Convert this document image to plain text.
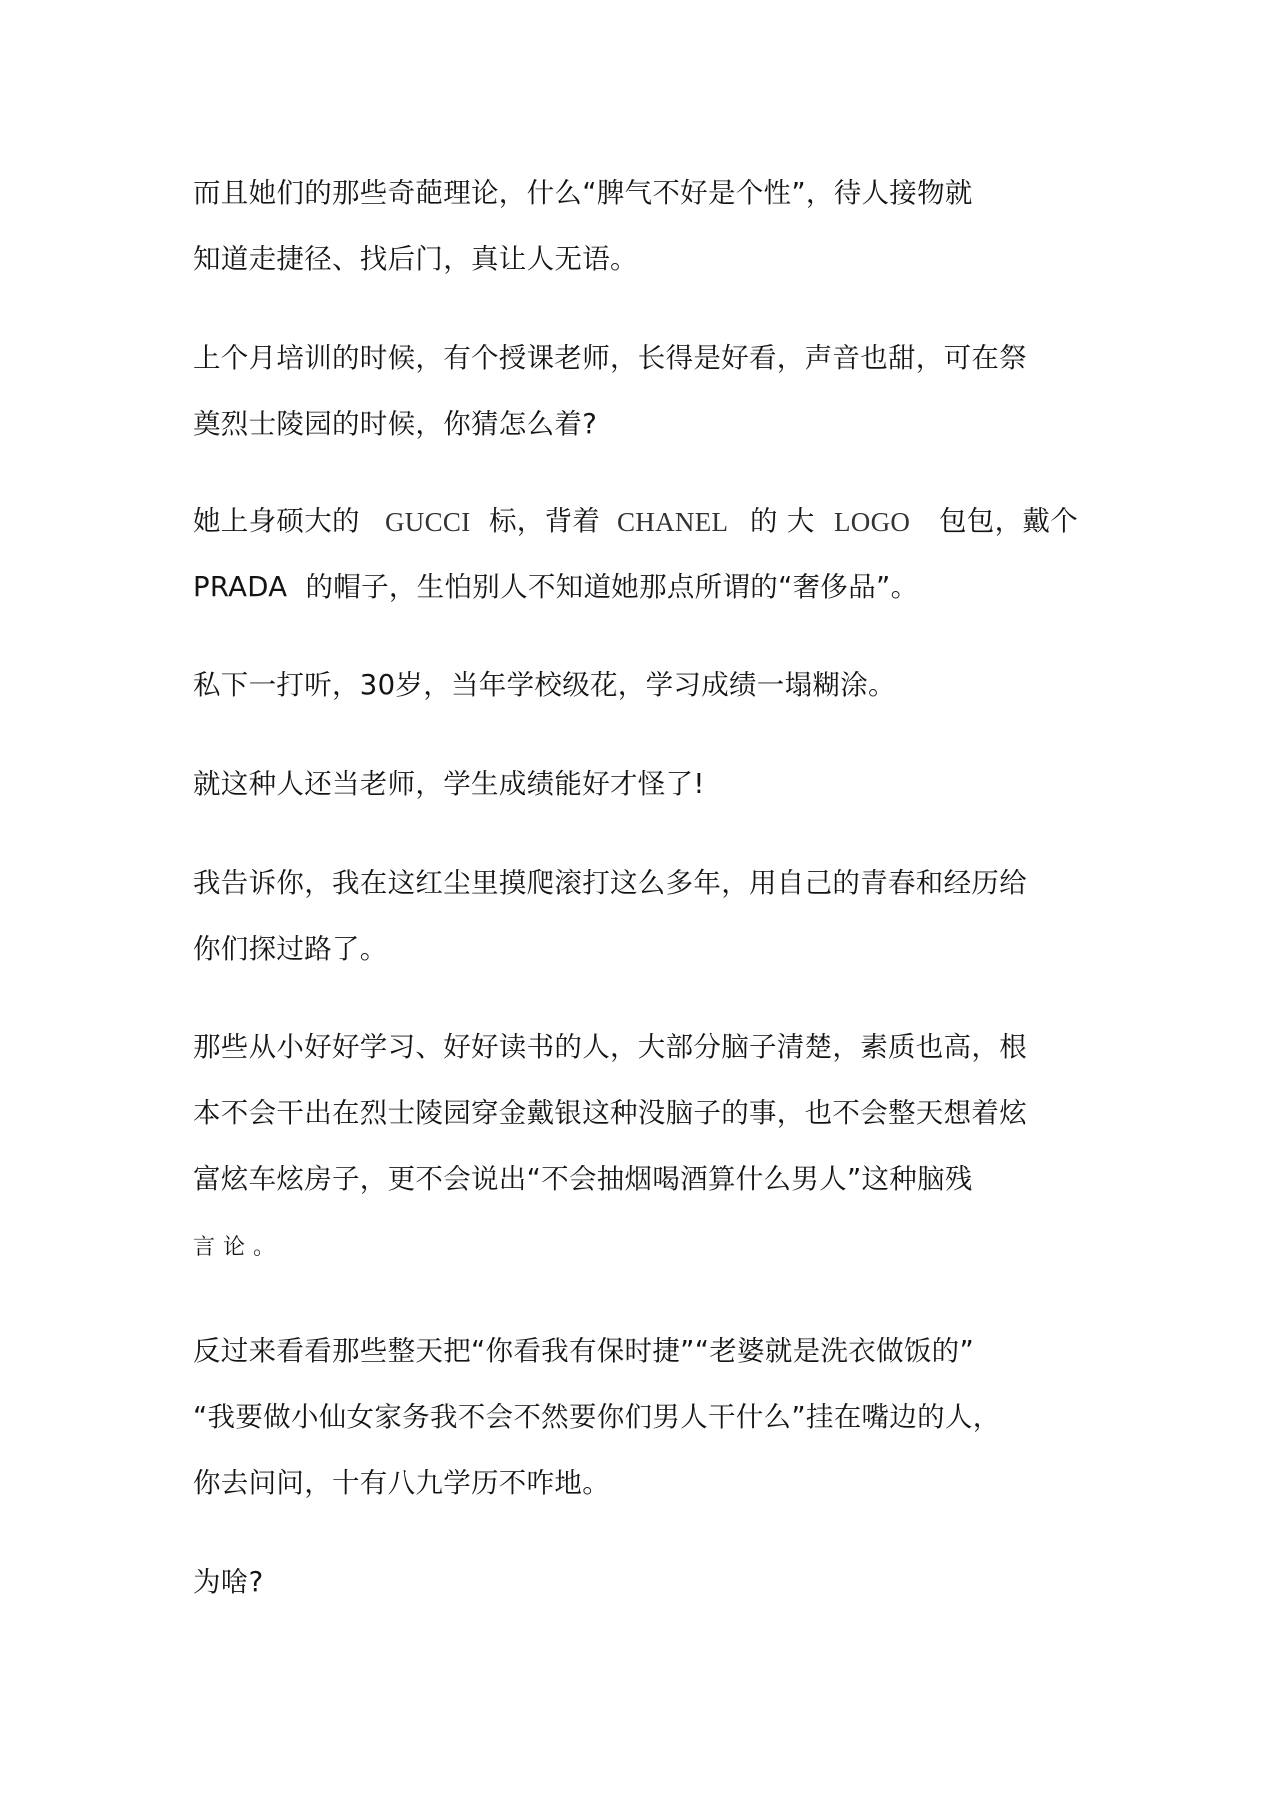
而且她们的那些奇葩理论，什么“脾气不好是个性”，待人接物就
知道走捷径、找后门，真让人无语。
上个月培训的时候，有个授课老师，长得是好看，声音也甜，可在祭
奠烈士陵园的时候，你猜怎么着?
她上身硕大的 GUCCI 标，背着 CHANEL 的 大 LOGO 包包，戴个
PRADA  的帽子，生怕别人不知道她那点所谓的“奢侈品”。
私下一打听，30岁，当年学校级花，学习成绩一塌糊涂。
就这种人还当老师，学生成绩能好才怪了!
我告诉你，我在这红尘里摸爬滚打这么多年，用自己的青春和经历给
你们探过路了。
那些从小好好学习、好好读书的人，大部分脑子清楚，素质也高，根
本不会干出在烈士陵园穿金戴银这种没脑子的事，也不会整天想着炫
富炫车炫房子，更不会说出“不会抽烟喝酒算什么男人”这种脑残
言论。
反过来看看那些整天把“你看我有保时捷”“老婆就是洗衣做饭的”
“我要做小仙女家务我不会不然要你们男人干什么”挂在嘴边的人，
你去问问，十有八九学历不咋地。
为啥?
